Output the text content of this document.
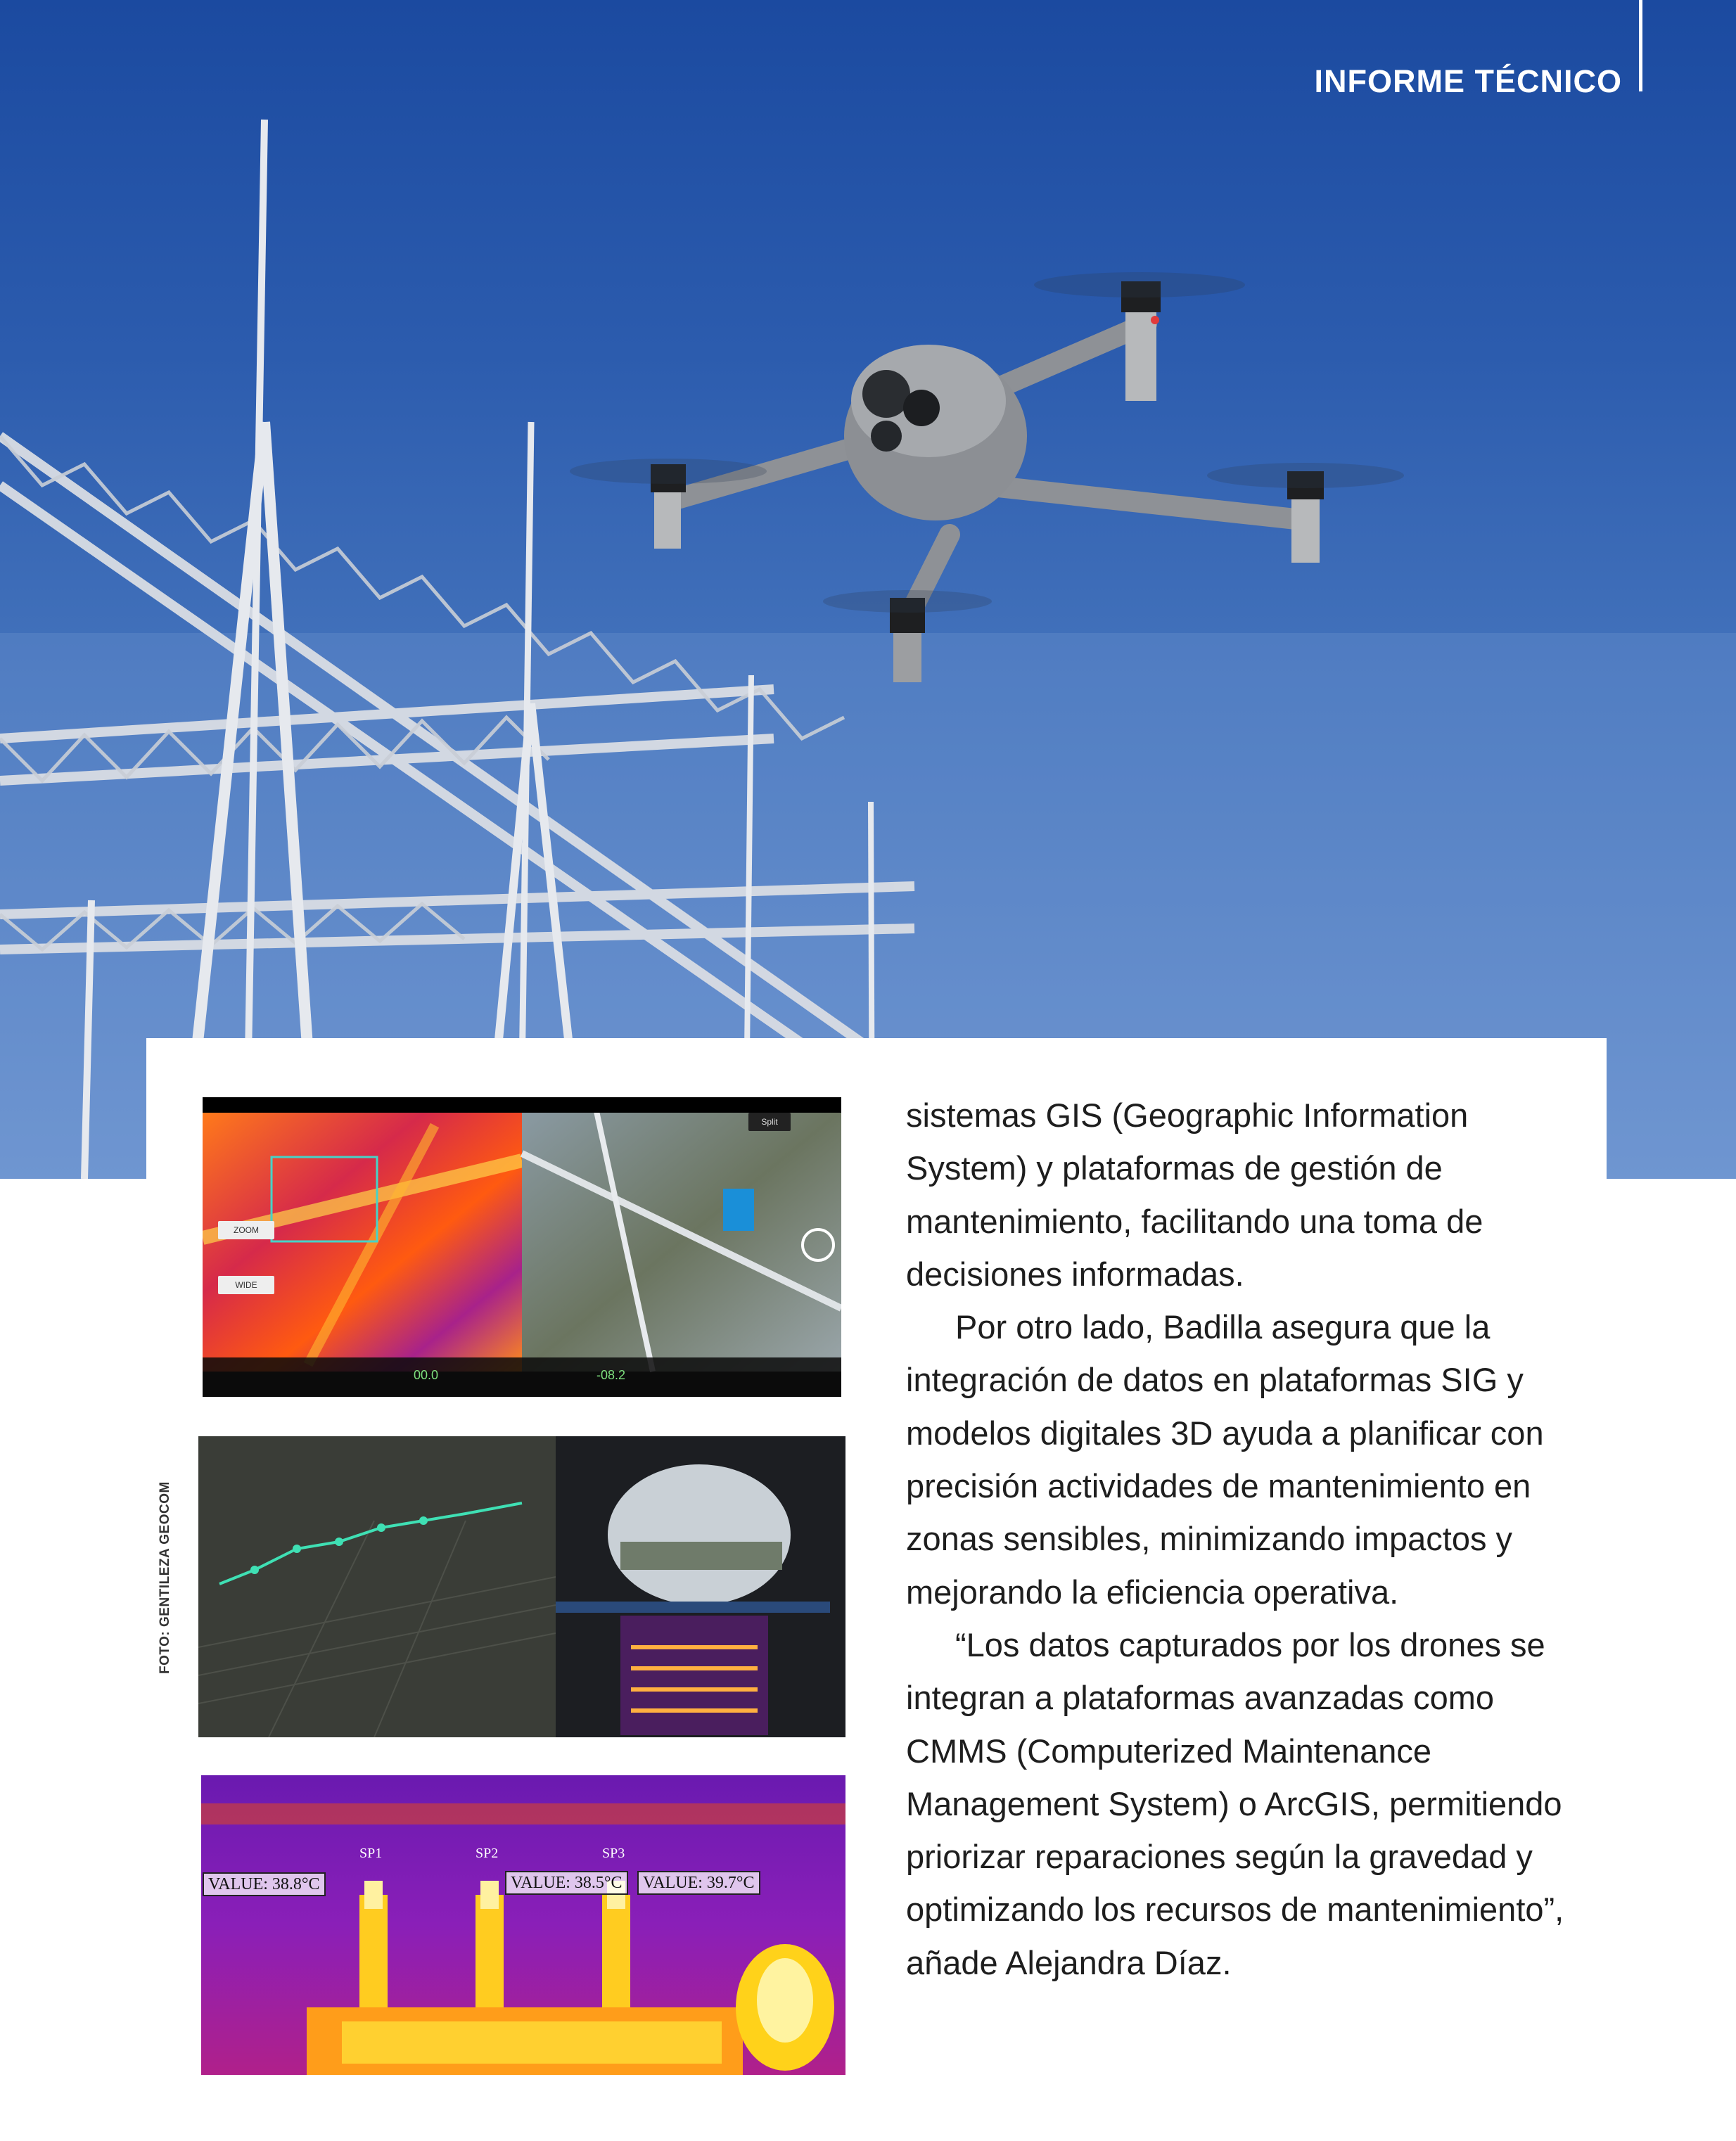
INFORME TÉCNICO
FOTO: GENTILEZA GEOCOM
ZOOM
WIDE
Split
00.0	-08.2
SP1	SP2	SP3
VALUE: 38.8°C	VALUE: 38.5°C	VALUE: 39.7°C

sistemas GIS (Geographic Information System) y plataformas de gestión de mantenimiento, facilitando una toma de decisiones informadas.

Por otro lado, Badilla asegura que la integración de datos en plataformas SIG y modelos digitales 3D ayuda a planificar con precisión actividades de mantenimiento en zonas sensibles, minimizando impactos y mejorando la eficiencia operativa.

“Los datos capturados por los drones se integran a plataformas avanzadas como CMMS (Computerized Maintenance Management System) o ArcGIS, permitiendo priorizar reparaciones según la gravedad y optimizando los recursos de mantenimiento”, añade Alejandra Díaz.
